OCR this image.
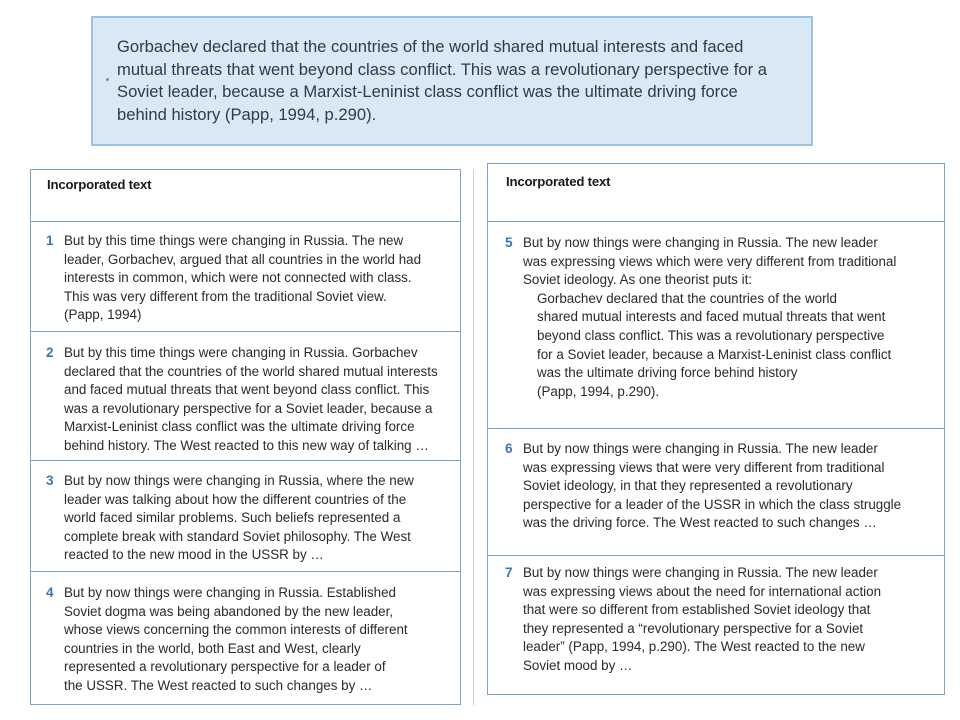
Gorbachev declared that the countries of the world shared mutual interests and faced mutual threats that went beyond class conflict. This was a revolutionary perspective for a Soviet leader, because a Marxist-Leninist class conflict was the ultimate driving force behind history (Papp, 1994, p.290).

Incorporated text
1 But by this time things were changing in Russia. The new
leader, Gorbachev, argued that all countries in the world had
interests in common, which were not connected with class.
This was very different from the traditional Soviet view.
(Papp, 1994)
2 But by this time things were changing in Russia. Gorbachev
declared that the countries of the world shared mutual interests
and faced mutual threats that went beyond class conflict. This
was a revolutionary perspective for a Soviet leader, because a
Marxist-Leninist class conflict was the ultimate driving force
behind history. The West reacted to this new way of talking …
3 But by now things were changing in Russia, where the new
leader was talking about how the different countries of the
world faced similar problems. Such beliefs represented a
complete break with standard Soviet philosophy. The West
reacted to the new mood in the USSR by …
4 But by now things were changing in Russia. Established
Soviet dogma was being abandoned by the new leader,
whose views concerning the common interests of different
countries in the world, both East and West, clearly
represented a revolutionary perspective for a leader of
the USSR. The West reacted to such changes by …
Incorporated text
5 But by now things were changing in Russia. The new leader
was expressing views which were very different from traditional
Soviet ideology. As one theorist puts it:
Gorbachev declared that the countries of the world
shared mutual interests and faced mutual threats that went
beyond class conflict. This was a revolutionary perspective
for a Soviet leader, because a Marxist-Leninist class conflict
was the ultimate driving force behind history
(Papp, 1994, p.290).
6 But by now things were changing in Russia. The new leader
was expressing views that were very different from traditional
Soviet ideology, in that they represented a revolutionary
perspective for a leader of the USSR in which the class struggle
was the driving force. The West reacted to such changes …
7 But by now things were changing in Russia. The new leader
was expressing views about the need for international action
that were so different from established Soviet ideology that
they represented a “revolutionary perspective for a Soviet
leader” (Papp, 1994, p.290). The West reacted to the new
Soviet mood by …
